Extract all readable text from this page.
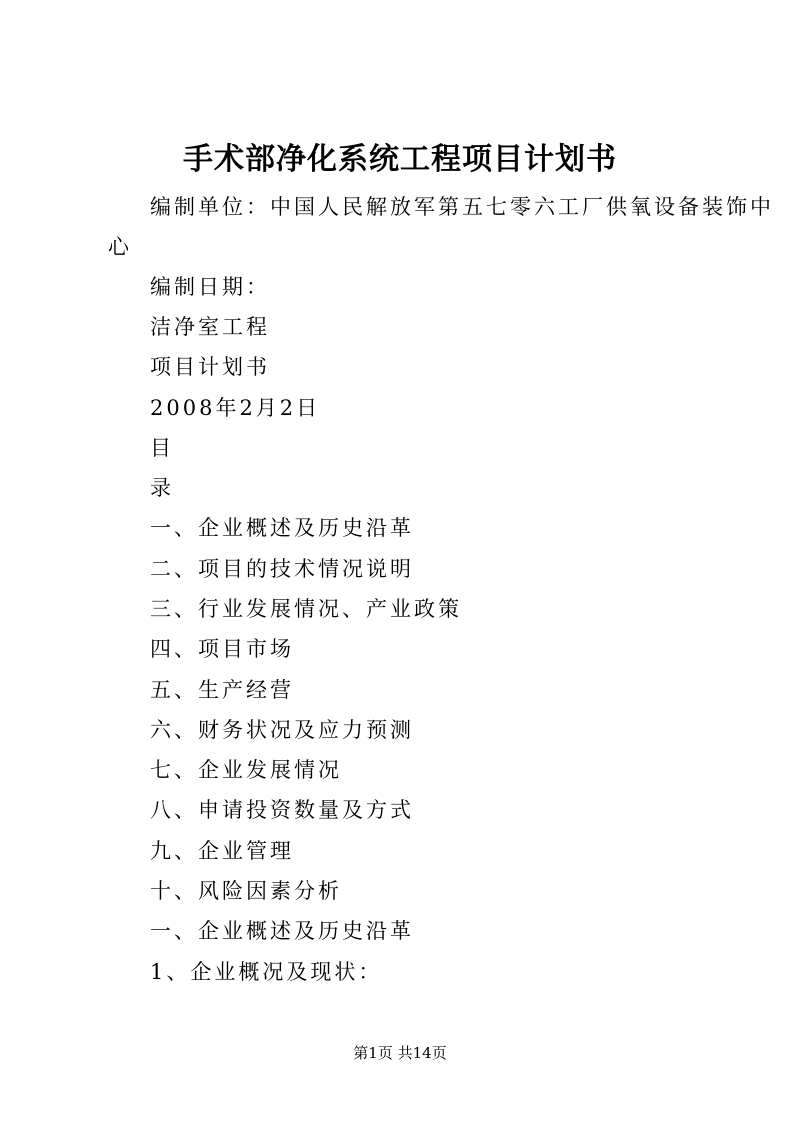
手术部净化系统工程项目计划书
编制单位：中国人民解放军第五七零六工厂供氧设备装饰中
心
编制日期：
洁净室工程
项目计划书
2008年2月2日
目
录
一、企业概述及历史沿革
二、项目的技术情况说明
三、行业发展情况、产业政策
四、项目市场
五、生产经营
六、财务状况及应力预测
七、企业发展情况
八、申请投资数量及方式
九、企业管理
十、风险因素分析
一、企业概述及历史沿革
1、企业概况及现状：
第1页 共14页
